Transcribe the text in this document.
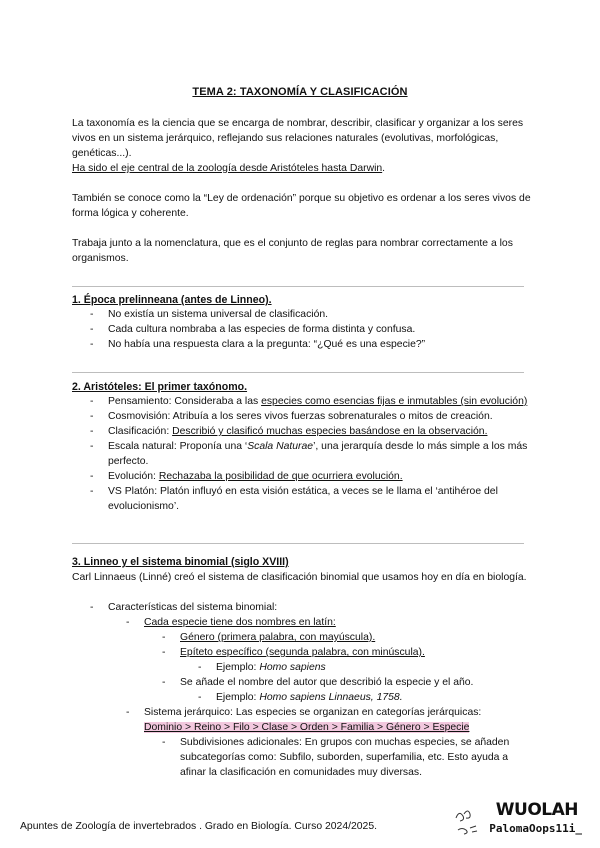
TEMA 2: TAXONOMÍA Y CLASIFICACIÓN
La taxonomía es la ciencia que se encarga de nombrar, describir, clasificar y organizar a los seres vivos en un sistema jerárquico, reflejando sus relaciones naturales (evolutivas, morfológicas, genéticas...).
Ha sido el eje central de la zoología desde Aristóteles hasta Darwin.
También se conoce como la “Ley de ordenación” porque su objetivo es ordenar a los seres vivos de forma lógica y coherente.
Trabaja junto a la nomenclatura, que es el conjunto de reglas para nombrar correctamente a los organismos.
1. Época prelinneana (antes de Linneo).
- No existía un sistema universal de clasificación.
- Cada cultura nombraba a las especies de forma distinta y confusa.
- No había una respuesta clara a la pregunta: “¿Qué es una especie?”
2. Aristóteles: El primer taxónomo.
- Pensamiento: Consideraba a las especies como esencias fijas e inmutables (sin evolución)
- Cosmovisión: Atribuía a los seres vivos fuerzas sobrenaturales o mitos de creación.
- Clasificación: Describió y clasificó muchas especies basándose en la observación.
- Escala natural: Proponía una ‘Scala Naturae’, una jerarquía desde lo más simple a los más perfecto.
- Evolución: Rechazaba la posibilidad de que ocurriera evolución.
- VS Platón: Platón influyó en esta visión estática, a veces se le llama el ‘antihéroe del evolucionismo’.
3. Linneo y el sistema binomial (siglo XVIII)
Carl Linnaeus (Linné) creó el sistema de clasificación binomial que usamos hoy en día en biología.
- Características del sistema binomial:
- Cada especie tiene dos nombres en latín:
- Género (primera palabra, con mayúscula).
- Epíteto específico (segunda palabra, con minúscula).
- Ejemplo: Homo sapiens
- Se añade el nombre del autor que describió la especie y el año.
- Ejemplo: Homo sapiens Linnaeus, 1758.
- Sistema jerárquico: Las especies se organizan en categorías jerárquicas:
Dominio > Reino > Filo > Clase > Orden > Familia > Género > Especie
- Subdivisiones adicionales: En grupos con muchas especies, se añaden subcategorías como: Subfilo, suborden, superfamilia, etc. Esto ayuda a afinar la clasificación en comunidades muy diversas.
Apuntes de Zoología de invertebrados . Grado en Biología. Curso 2024/2025.
WUOLAH
PalomaOops11i_
